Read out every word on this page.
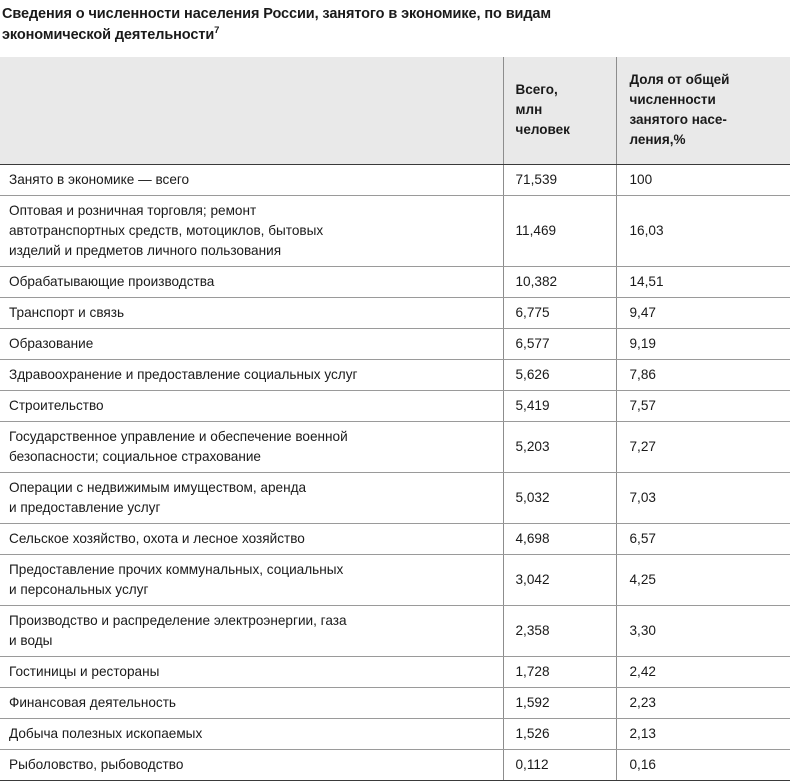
Сведения о численности населения России, занятого в экономике, по видам
экономической деятельности$^7$

	Всего,
млн
человек	Доля от общей
численности
занятого насе-
ления,%

Занято в экономике — всего	71,539	100

Оптовая и розничная торговля; ремонт
автотранспортных средств, мотоциклов, бытовых
изделий и предметов личного пользования	11,469	16,03

Обрабатывающие производства	10,382	14,51

Транспорт и связь	6,775	9,47

Образование	6,577	9,19

Здравоохранение и предоставление социальных услуг	5,626	7,86

Строительство	5,419	7,57

Государственное управление и обеспечение военной
безопасности; социальное страхование	5,203	7,27

Операции с недвижимым имуществом, аренда
и предоставление услуг	5,032	7,03

Сельское хозяйство, охота и лесное хозяйство	4,698	6,57

Предоставление прочих коммунальных, социальных
и персональных услуг	3,042	4,25

Производство и распределение электроэнергии, газа
и воды	2,358	3,30

Гостиницы и рестораны	1,728	2,42

Финансовая деятельность	1,592	2,23

Добыча полезных ископаемых	1,526	2,13

Рыболовство, рыбоводство	0,112	0,16
